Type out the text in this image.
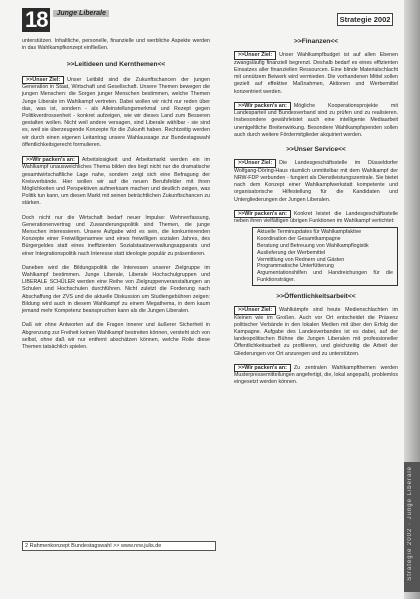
Strategie 2002 · Junge Liberale
18	Junge Liberale
Strategie 2002

unterstützen. Inhaltliche, personelle, finanzielle und werbliche Aspekte werden in das Wahlkampfkonzept einfließen.

>>Leitideen und Kernthemen<<

>>Unser Ziel: Unser Leitbild sind die Zukunftschancen der jungen Generation in Staat, Wirtschaft und Gesellschaft. Unsere Themen bewegen die jungen Menschen: die Sorgen junger Menschen bestimmen, welche Themen Junge Liberale im Wahlkampf vertreten. Dabei wollen wir nicht nur reden über das, was ist, sondern - als Alleinstellungsmerkmal und Rezept gegen Politikverdrossenheit - konkret aufzeigen, wie wir dieses Land zum Besseren gestalten wollen. Nicht weil andere versagen, sind Liberale wählbar - sie sind es, weil sie überzeugende Konzepte für die Zukunft haben. Rechtzeitig werden wir durch einen eigenen Leitantrag unsere Wahlaussage zur Bundestagswahl öffentlichkeitsgerecht formulieren.

>>Wir packen's an: Arbeitslosigkeit und Arbeitsmarkt werden ein im Wahlkampf unausweichliches Thema bilden des liegt nicht nur die dramatische gesamtwirtschaftliche Lage nahe, sondern zeigt sich eine Befragung der Kreisverbände. Hier wollen wir auf die neuen Berufsfelder mit ihren Möglichkeiten und Perspektiven aufmerksam machen und deutlich zeigen, was Politik tun kann, um diesen Markt mit seinen beträchtlichen Zukunftschancen zu stärken.

Doch nicht nur die Wirtschaft bedarf neuer Impulse: Wehrverfassung, Generationenvertrag und Zuwanderungspolitik sind Themen, die junge Menschen interessieren. Unsere Aufgabe wird es sein, die konkurrierenden Konzepte einer Freiwilligenarmee und eines freiwilligen sozialen Jahres, des Bürgergeldes statt eines ineffizienten Sozialstaatsverwaltungsapparats und einer Integrationspolitik nach Interesse statt ideologie populär zu präsentieren.

Daneben wird die Bildungspolitik die Interessen unserer Zielgruppe im Wahlkampf bestimmen. Junge Liberale, Liberale Hochschulgruppen und LIBERALE SCHÜLER werden eine Reihe von Zielgruppenveranstaltungen an Schulen und Hochschulen durchführen. Nicht zuletzt die Forderung nach Abschaffung der ZVS und die aktuelle Diskussion um Studiengebühren zeigen: Bildung wird auch in diesem Wahlkampf zu einem Megathema, in dem kaum jemand mehr Kompetenz beanspruchen kann als die Jungen Liberalen.

Daß wir ohne Antworten auf die Fragen innerer und äußerer Sicherheit in Abgrenzung zur Freiheit keinen Wahlkampf bestreiten können, versteht sich von selbst, ohne daß wir nur entfernt abschätzen können, welche Rolle diese Themen tatsächlich spielen.

>>Finanzen<<

>>Unser Ziel: Unser Wahlkampfbudget ist auf allen Ebenen zwangsläufig finanziell begrenzt. Deshalb bedarf es eines effizienten Einsatzes aller finanziellen Ressourcen. Eine blinde Materialschlacht mit unnützem Beiwerk wird vermieden. Die vorhandenen Mittel sollen gezielt auf effektive Maßnahmen, Aktionen und Werbemittel konzentriert werden.

>>Wir packen's an: Mögliche Kooperationsprojekte mit Landesparteil und Bundesverband sind zu prüfen und zu realisieren. Insbesondere gewährleistet auch eine intelligente Mediaarbeit unentgeltliche Breitenwirkung. Besondere Wahlkampfspenden sollen auch durch weitere Fördermitglieder akquiriert werden.

>>Unser Service<<

>>Unser Ziel: Die Landesgeschäftsstelle im Düsseldorfer Wolfgang-Döring-Haus räumlich unmittelbar mit dem Wahlkampf der NRW-FDP verbunden - fungiert als Dienstleistungszentrale. Sie bietet nach dem Konzept einer Wahlkampfwerkstatt kompetente und organisatorische Hilfestellung für die Kandidaten und Untergliederungen der Jungen Liberalen.

>>Wir packen's an: Konkret leistet die Landesgeschäftsstelle neben ihren vielfältigen übrigen Funktionen im Wahlkampf vertichtet:

Aktuelle Terminupdates für Wahlkampfaktive
Koordination der Gesamtkampagne
Beratung und Betreuung von Wahlkampflogistik
Auslieferung der Werbemittel
Vermittlung von Rednern und Gästen
Programmatische Unterfütterung
Argumentationshilfen und Handreichungen für die Funktionsträger.
>>Öffentlichkeitsarbeit<<

>>Unser Ziel: Wahlkämpfe sind heute Medienschlachten im Kleinen wie im Großen. Auch vor Ort entscheidet die Präsenz politischer Verbände in den lokalen Medien mit über den Erfolg der Kampagne. Aufgabe des Landesverbandes ist es dabei, auf der landespolitischen Bühne die Jungen Liberalen mit professioneller Öffentlichkeitsarbeit zu profilieren, und gleichzeitig die Arbeit der Gliederungen vor Ort anzuregen und zu unterstützen.

>>Wir packen's an: Zu zentralen Wahlkampfthemen werden Musterpressemitteilungen angefertigt, die, lokal angepaßt, problemlos eingesetzt werden können.

2 Rahmenkonzept Bundestagswahl >> www.nrw.julis.de
